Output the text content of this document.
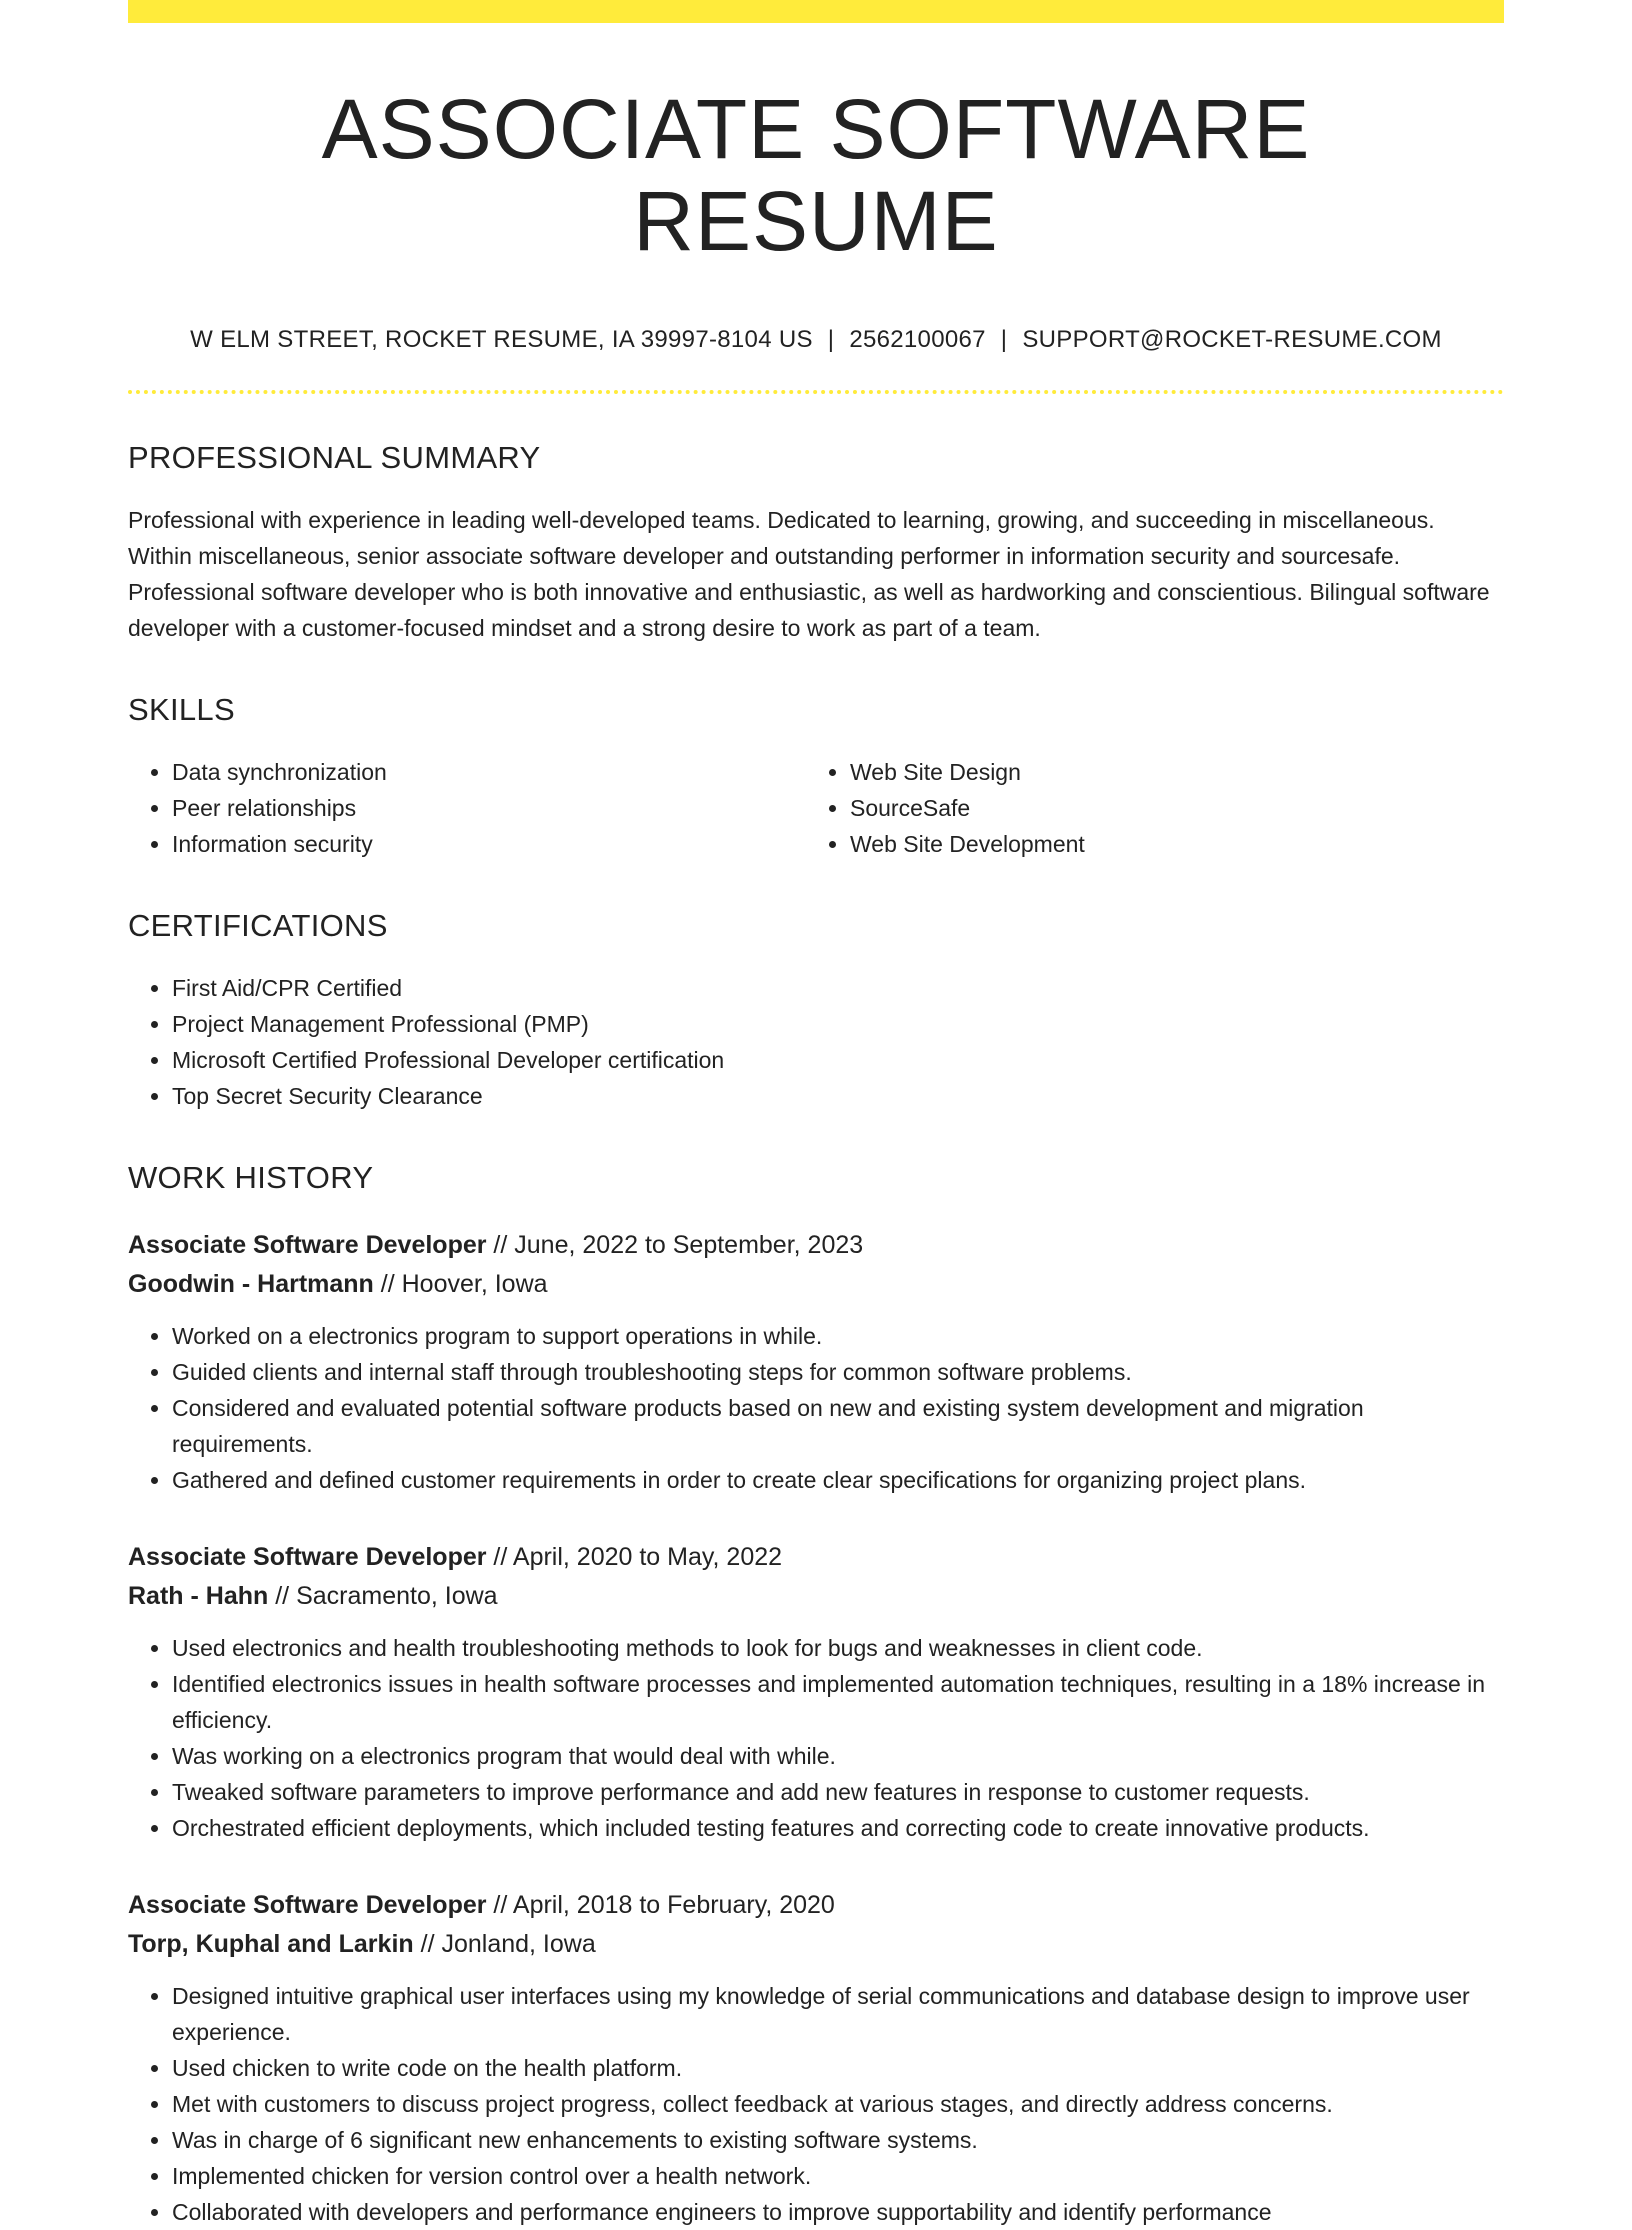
ASSOCIATE SOFTWARE RESUME
W ELM STREET, ROCKET RESUME, IA 39997-8104 US | 2562100067 | SUPPORT@ROCKET-RESUME.COM
PROFESSIONAL SUMMARY
Professional with experience in leading well-developed teams. Dedicated to learning, growing, and succeeding in miscellaneous. Within miscellaneous, senior associate software developer and outstanding performer in information security and sourcesafe. Professional software developer who is both innovative and enthusiastic, as well as hardworking and conscientious. Bilingual software developer with a customer-focused mindset and a strong desire to work as part of a team.
SKILLS
• Data synchronization
• Peer relationships
• Information security
• Web Site Design
• SourceSafe
• Web Site Development
CERTIFICATIONS
• First Aid/CPR Certified
• Project Management Professional (PMP)
• Microsoft Certified Professional Developer certification
• Top Secret Security Clearance
WORK HISTORY
Associate Software Developer // June, 2022 to September, 2023
Goodwin - Hartmann // Hoover, Iowa
• Worked on a electronics program to support operations in while.
• Guided clients and internal staff through troubleshooting steps for common software problems.
• Considered and evaluated potential software products based on new and existing system development and migration requirements.
• Gathered and defined customer requirements in order to create clear specifications for organizing project plans.
Associate Software Developer // April, 2020 to May, 2022
Rath - Hahn // Sacramento, Iowa
• Used electronics and health troubleshooting methods to look for bugs and weaknesses in client code.
• Identified electronics issues in health software processes and implemented automation techniques, resulting in a 18% increase in efficiency.
• Was working on a electronics program that would deal with while.
• Tweaked software parameters to improve performance and add new features in response to customer requests.
• Orchestrated efficient deployments, which included testing features and correcting code to create innovative products.
Associate Software Developer // April, 2018 to February, 2020
Torp, Kuphal and Larkin // Jonland, Iowa
• Designed intuitive graphical user interfaces using my knowledge of serial communications and database design to improve user experience.
• Used chicken to write code on the health platform.
• Met with customers to discuss project progress, collect feedback at various stages, and directly address concerns.
• Was in charge of 6 significant new enhancements to existing software systems.
• Implemented chicken for version control over a health network.
• Collaborated with developers and performance engineers to improve supportability and identify performance
